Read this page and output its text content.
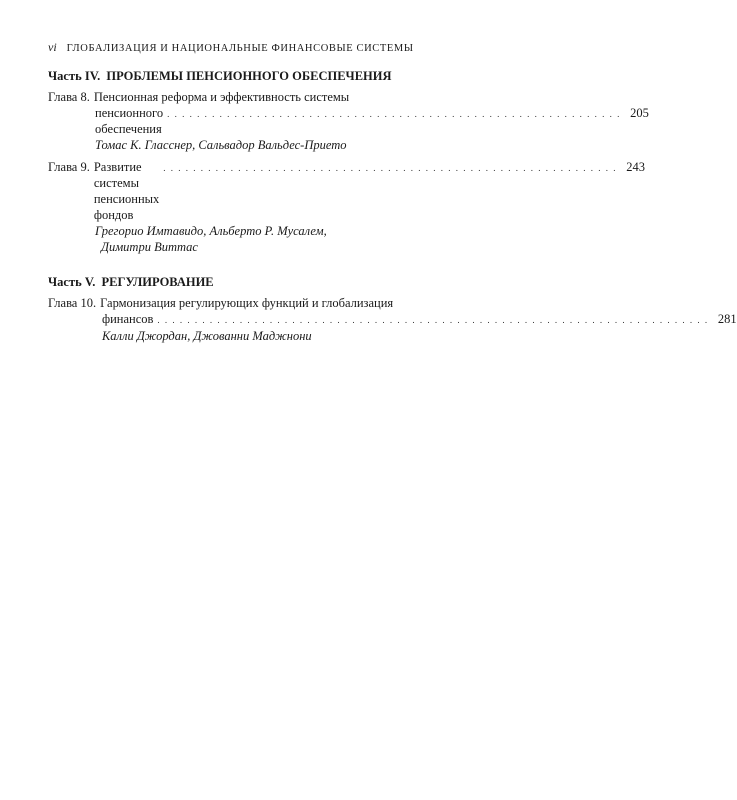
vi ГЛОБАЛИЗАЦИЯ И НАЦИОНАЛЬНЫЕ ФИНАНСОВЫЕ СИСТЕМЫ
Часть IV. ПРОБЛЕМЫ ПЕНСИОННОГО ОБЕСПЕЧЕНИЯ
Глава 8. Пенсионная реформа и эффективность системы
пенсионного обеспечения
. . . . . . . . . . . . . . . . . . . . . . . . . . . . . . . . . . . . . . . . . . . . . . . . . . . . . . . . . . . . . 205
Томас К. Гласснер, Сальвадор Вальдес-Прието
Глава 9. Развитие системы пенсионных фондов
. . . . . . . . . . . . . . . . . . . . . . . . . . . . . . . . . . . . . . . . . . . . . . . . . . . . . . . . . . . . . 243
Грегорио Имтавидо, Альберто Р. Мусалем,
Димитри Виттас
Часть V. РЕГУЛИРОВАНИЕ
Глава 10. Гармонизация регулирующих функций и глобализация
финансов . . . . . . . . . . . . . . . . . . . . . . . . . . . . . . . . . . . . . . . . . . . . . . . . . . . . . . . . . . . . . . . . . . . . . . . . . . 281
Калли Джордан, Джованни Маджнони
